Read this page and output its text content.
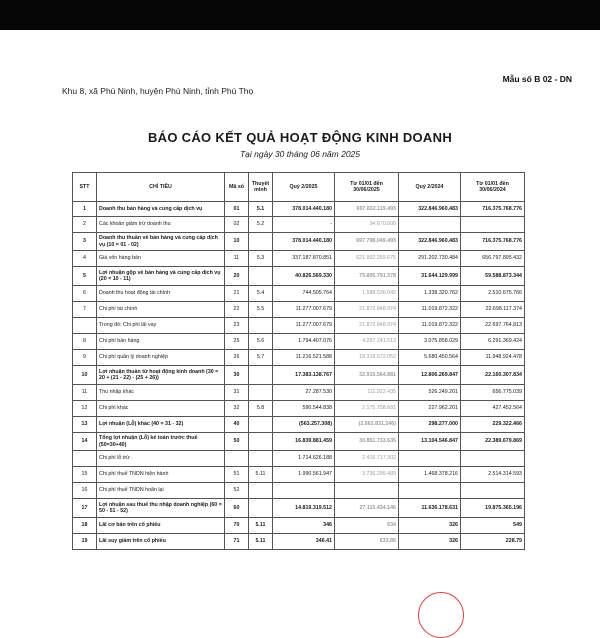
Mẫu số B 02 - DN
Khu 8, xã Phù Ninh, huyện Phù Ninh, tỉnh Phú Thọ
BÁO CÁO KẾT QUẢ HOẠT ĐỘNG KINH DOANH
Tại ngày 30 tháng 06 năm 2025
STT	CHỈ TIÊU	Mã số	Thuyết minh	Quý 2/2025	Từ 01/01 đến 30/06/2025	Quý 2/2024	Từ 01/01 đến 30/06/2024
1	Doanh thu bán hàng và cung cấp dịch vụ	01	5.1	378.014.440.180	697.832.119.493	322.846.960.483	716.375.768.776
2	Các khoản giảm trừ doanh thu	02	5.2	-	34.670.000		
3	Doanh thu thuần về bán hàng và cung cấp dịch vụ (10 = 01 - 02)	10		378.014.440.180	697.798.049.493	322.846.960.483	716.375.768.776
4	Giá vốn hàng bán	11	5.3	337.187.870.851	621.992.259.675	291.202.730.484	656.797.895.432
5	Lợi nhuận gộp về bán hàng và cung cấp dịch vụ (20 = 10 - 11)	20		40.826.569.330	75.805.791.378	31.644.129.999	59.588.873.344
6	Doanh thu hoạt động tài chính	21	5.4	744.505.764	1.588.536.042	1.338.320.762	2.510.675.766
7	Chi phí tài chính	22	5.5	11.277.007.679	21.872.848.974	11.019.872.322	22.698.117.374
	Trong đó: Chi phí lãi vay	23		11.277.007.679	21.872.848.974	11.019.872.322	22.697.764.813
8	Chi phí bán hàng	25	5.6	1.794.407.076	4.287.241.513	3.075.858.029	6.291.369.424
9	Chi phí quản lý doanh nghiệp	26	5.7	11.216.521.588	18.318.672.052	5.680.450.564	11.948.924.478
10	Lợi nhuận thuần từ hoạt động kinh doanh (30 = 20 + (21 - 22) - (25 + 26))	30		17.383.138.767	32.915.564.881	12.806.269.847	22.160.307.834
11	Thu nhập khác	31		27.287.530	111.922.435	526.249.201	656.775.039
12	Chi phí khác	32	5.8	590.544.838	2.175.758.681	227.962.201	427.452.564
13	Lợi nhuận (Lỗ) khác (40 = 31 - 32)	40		(563.257.308)	(2.063.831.246)	298.277.000	229.322.466
14	Tổng lợi nhuận (Lỗ) kế toán trước thuế (50=30+40)	50		16.839.881.459	30.851.733.635	13.104.546.847	22.389.679.869
	Chi phí lỗ trừ			1.714.626.188	2.416.717.302		
15	Chi phí thuế TNDN hiện hành	51	5.11	1.990.561.947	3.736.299.489	1.468.378.216	2.514.314.593
16	Chi phí thuế TNDN hoãn lại	52					
17	Lợi nhuận sau thuế thu nhập doanh nghiệp (60 = 50 - 51 - 52)	60		14.819.319.512	27.115.434.146	11.636.178.631	19.875.365.196
18	Lãi cơ bản trên cổ phiếu	70	5.11	346	634	326	549
19	Lãi suy giảm trên cổ phiếu	71	5.11	346.41	633.85	326	228.79
